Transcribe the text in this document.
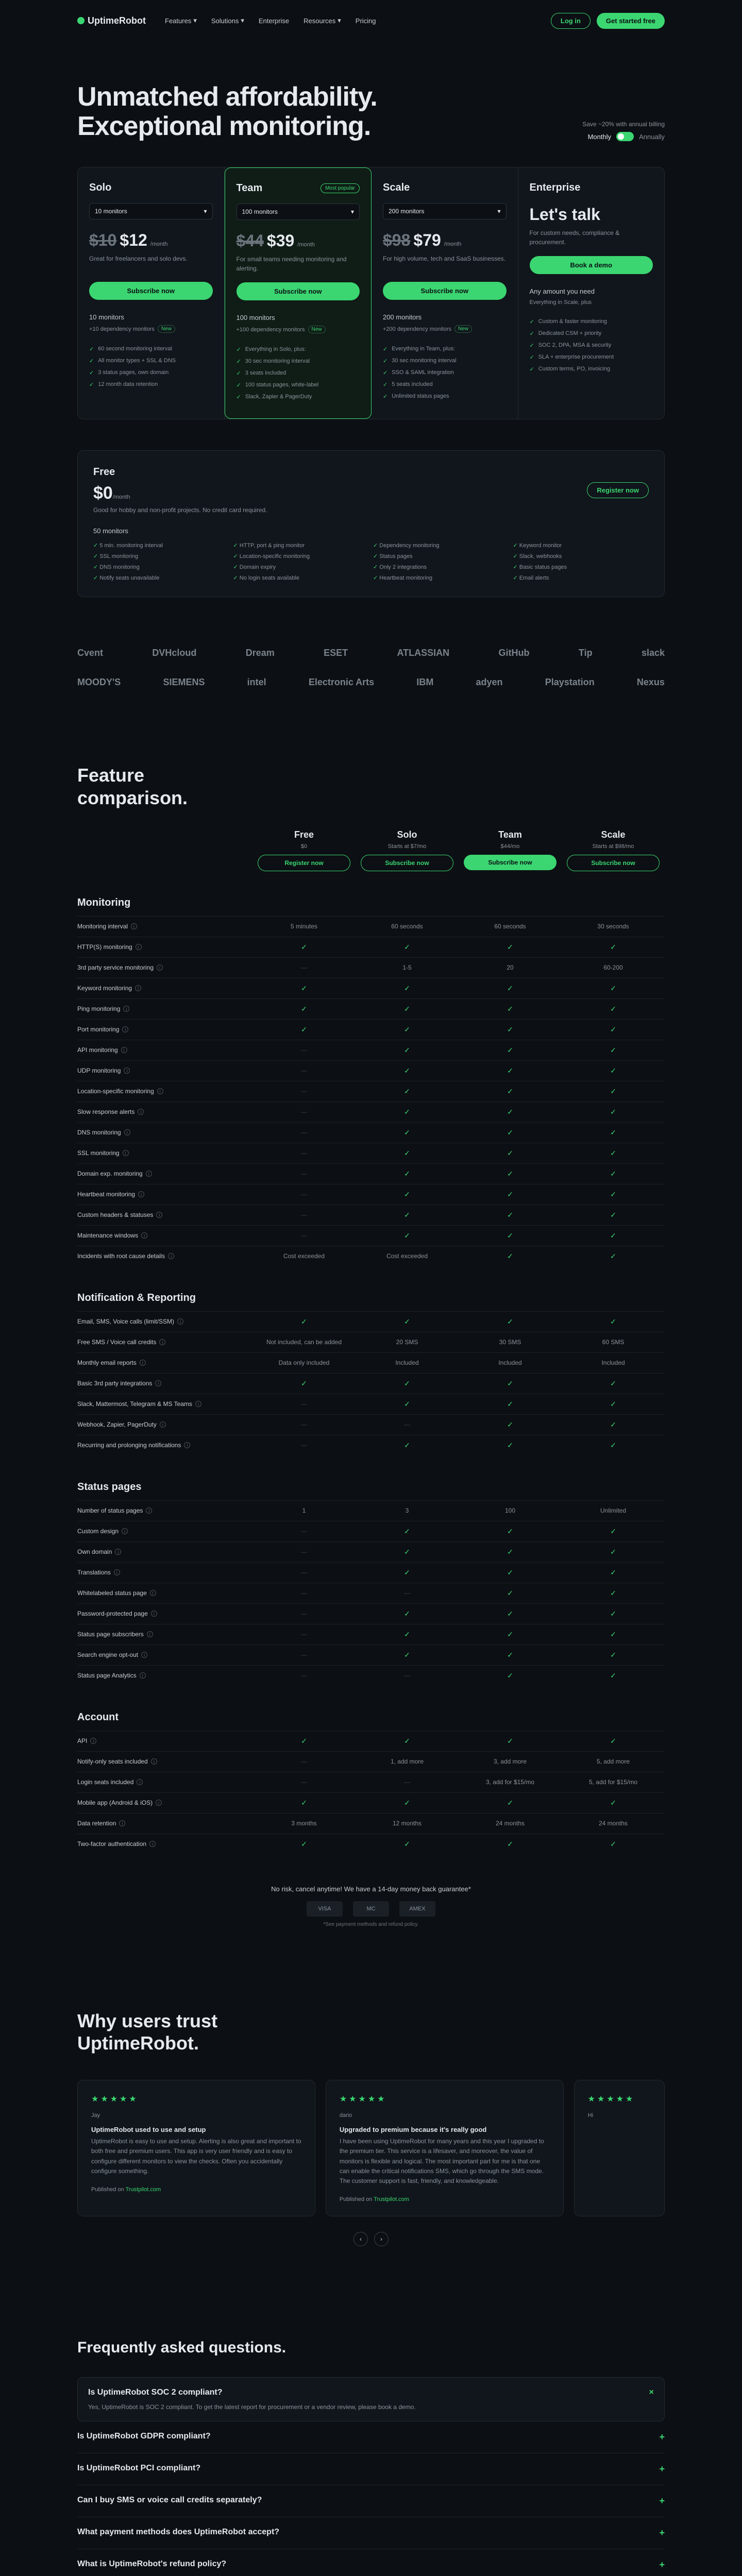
UptimeRobot	Features ▾ Solutions ▾ Enterprise Resources ▾ Pricing	Log in	Get started free
Unmatched affordability.
Exceptional monitoring.	Save ~20% with annual billing
Monthly	Annually
Solo
10 monitors	▾
$10 $12 /month
Great for freelancers and solo devs.
Subscribe now
10 monitors
+10 dependency monitors	New
✓ 60 second monitoring interval
✓ All monitor types + SSL & DNS
✓ 3 status pages, own domain
✓ 12 month data retention
Team	Most popular
100 monitors	▾
$44 $39 /month
For small teams needing monitoring and alerting.
Subscribe now
100 monitors
+100 dependency monitors	New
✓ Everything in Solo, plus:
✓ 30 sec monitoring interval
✓ 3 seats included
✓ 100 status pages, white-label
✓ Slack, Zapier & PagerDuty
Scale
200 monitors	▾
$98 $79 /month
For high volume, tech and SaaS businesses.
Subscribe now
200 monitors
+200 dependency monitors	New
✓ Everything in Team, plus:
✓ 30 sec monitoring interval
✓ SSO & SAML integration
✓ 5 seats included
✓ Unlimited status pages
Enterprise
Let's talk
For custom needs, compliance & procurement.
Book a demo
Any amount you need
Everything in Scale, plus
✓ Custom & faster monitoring
✓ Dedicated CSM + priority
✓ SOC 2, DPA, MSA & security
✓ SLA + enterprise procurement
✓ Custom terms, PO, invoicing
Free
$0/month
Good for hobby and non-profit projects. No credit card required.
Register now
50 monitors
✓ 5 min. monitoring interval	✓ HTTP, port & ping monitor	✓ Dependency monitoring	✓ Keyword monitor
✓ SSL monitoring	✓ Location-specific monitoring	✓ Status pages	✓ Slack, webhooks
✓ DNS monitoring	✓ Domain expiry	✓ Only 2 integrations	✓ Basic status pages
✓ Notify seats unavailable	✓ No login seats available	✓ Heartbeat monitoring	✓ Email alerts
Cvent	DVHcloud	Dream	ESET	ATLASSIAN	GitHub	Tip	slack
MOODY'S	SIEMENS	intel	Electronic Arts	IBM	adyen	Playstation	Nexus
Feature
comparison.
Free
$0
Register now
Solo
Starts at $7/mo
Subscribe now
Team
$44/mo
Subscribe now
Scale
Starts at $98/mo
Subscribe now
Monitoring
Monitoring interval	i	5 minutes	60 seconds	60 seconds	30 seconds
HTTP(S) monitoring	i	✓	✓	✓	✓
3rd party service monitoring	i	—	1-5	20	60-200
Keyword monitoring	i	✓	✓	✓	✓
Ping monitoring	i	✓	✓	✓	✓
Port monitoring	i	✓	✓	✓	✓
API monitoring	i	—	✓	✓	✓
UDP monitoring	i	—	✓	✓	✓
Location-specific monitoring	i	—	✓	✓	✓
Slow response alerts	i	—	✓	✓	✓
DNS monitoring	i	—	✓	✓	✓
SSL monitoring	i	—	✓	✓	✓
Domain exp. monitoring	i	—	✓	✓	✓
Heartbeat monitoring	i	—	✓	✓	✓
Custom headers & statuses	i	—	✓	✓	✓
Maintenance windows	i	—	✓	✓	✓
Incidents with root cause details	i	Cost exceeded	Cost exceeded	✓	✓
Notification & Reporting
Email, SMS, Voice calls (limit/SSM)	i	✓	✓	✓	✓
Free SMS / Voice call credits	i	Not included, can be added	20 SMS	30 SMS	60 SMS
Monthly email reports	i	Data only included	Included	Included	Included
Basic 3rd party integrations	i	✓	✓	✓	✓
Slack, Mattermost, Telegram & MS Teams	i	—	✓	✓	✓
Webhook, Zapier, PagerDuty	i	—	—	✓	✓
Recurring and prolonging notifications	i	—	✓	✓	✓
Status pages
Number of status pages	i	1	3	100	Unlimited
Custom design	i	—	✓	✓	✓
Own domain	i	—	✓	✓	✓
Translations	i	—	✓	✓	✓
Whitelabeled status page	i	—	—	✓	✓
Password-protected page	i	—	✓	✓	✓
Status page subscribers	i	—	✓	✓	✓
Search engine opt-out	i	—	✓	✓	✓
Status page Analytics	i	—	—	✓	✓
Account
API	i	✓	✓	✓	✓
Notify-only seats included	i	—	1, add more	3, add more	5, add more
Login seats included	i	—	—	3, add for $15/mo	5, add for $15/mo
Mobile app (Android & iOS)	i	✓	✓	✓	✓
Data retention	i	3 months	12 months	24 months	24 months
Two-factor authentication	i	✓	✓	✓	✓
No risk, cancel anytime! We have a 14-day money back guarantee*
VISA	MC	AMEX
*See payment methods and refund policy.
Why users trust
UptimeRobot.
★★★★★
Jay
UptimeRobot used to use and setup
UptimeRobot is easy to use and setup. Alerting is also great and important to both free and premium users. This app is very user friendly and is easy to configure different monitors to view the checks. Often you accidentally configure something.
Published on Trustpilot.com
★★★★★
dario
Upgraded to premium because it's really good
I have been using UptimeRobot for many years and this year I upgraded to the premium tier. This service is a lifesaver, and moreover, the value of monitors is flexible and logical. The most important part for me is that one can enable the critical notifications SMS, which go through the SMS mode. The customer support is fast, friendly, and knowledgeable.
Published on Trustpilot.com
★★★★★
Hi
‹	›
Frequently asked questions.
Is UptimeRobot SOC 2 compliant?	×
Yes, UptimeRobot is SOC 2 compliant. To get the latest report for procurement or a vendor review, please book a demo.
Is UptimeRobot GDPR compliant?	+
Is UptimeRobot PCI compliant?	+
Can I buy SMS or voice call credits separately?	+
What payment methods does UptimeRobot accept?	+
What is UptimeRobot's refund policy?	+
